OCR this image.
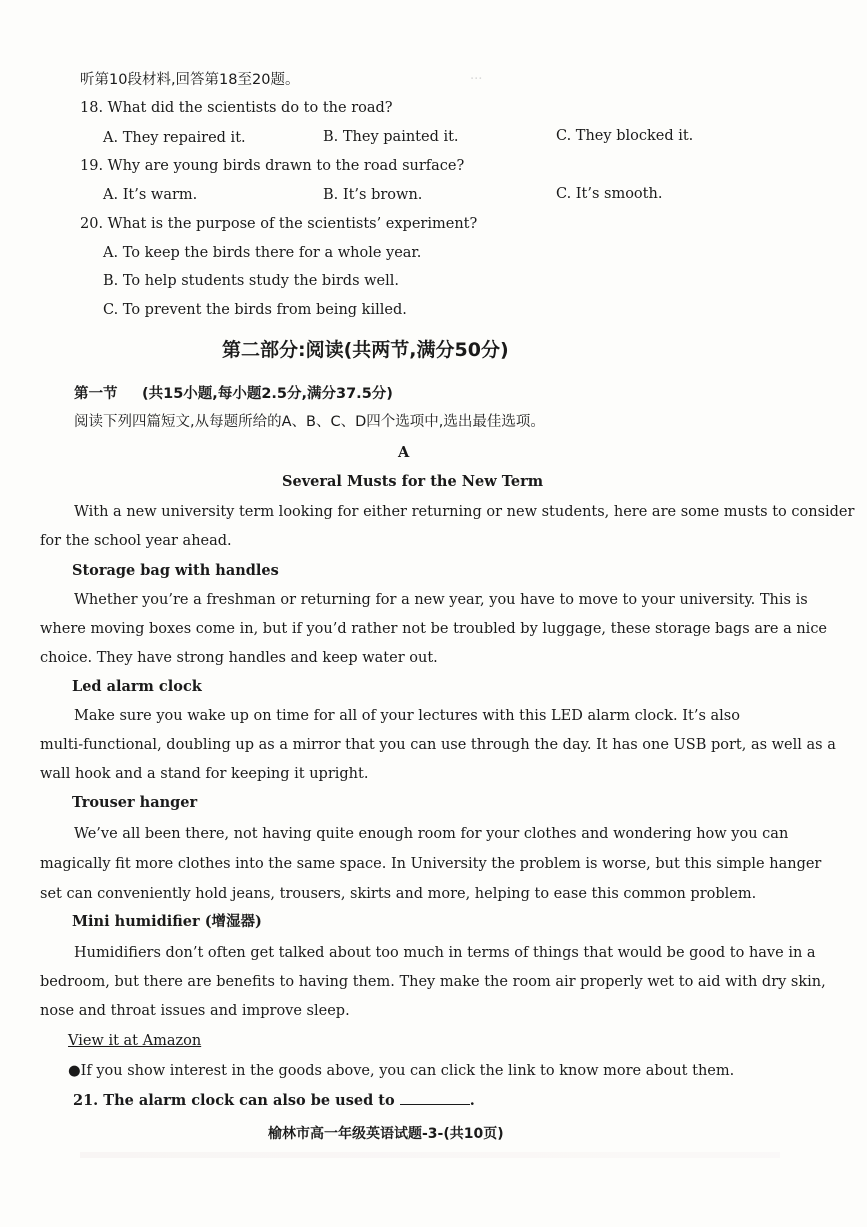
...
听第10段材料,回答第18至20题。
18. What did the scientists do to the road?
A. They repaired it.	B. They painted it.	C. They blocked it.
19. Why are young birds drawn to the road surface?
A. It’s warm.	B. It’s brown.	C. It’s smooth.
20. What is the purpose of the scientists’ experiment?
A. To keep the birds there for a whole year.
B. To help students study the birds well.
C. To prevent the birds from being killed.
第二部分:阅读(共两节,满分50分)
第一节 (共15小题,每小题2.5分,满分37.5分)
阅读下列四篇短文,从每题所给的A、B、C、D四个选项中,选出最佳选项。
A
Several Musts for the New Term
With a new university term looking for either returning or new students, here are some musts to consider
for the school year ahead.
Storage bag with handles
Whether you’re a freshman or returning for a new year, you have to move to your university. This is
where moving boxes come in, but if you’d rather not be troubled by luggage, these storage bags are a nice
choice. They have strong handles and keep water out.
Led alarm clock
Make sure you wake up on time for all of your lectures with this LED alarm clock. It’s also
multi-functional, doubling up as a mirror that you can use through the day. It has one USB port, as well as a
wall hook and a stand for keeping it upright.
Trouser hanger
We’ve all been there, not having quite enough room for your clothes and wondering how you can
magically fit more clothes into the same space. In University the problem is worse, but this simple hanger
set can conveniently hold jeans, trousers, skirts and more, helping to ease this common problem.
Mini humidifier (增湿器)
Humidifiers don’t often get talked about too much in terms of things that would be good to have in a
bedroom, but there are benefits to having them. They make the room air properly wet to aid with dry skin,
nose and throat issues and improve sleep.
View it at Amazon
●If you show interest in the goods above, you can click the link to know more about them.
21. The alarm clock can also be used to	.
榆林市高一年级英语试题-3-(共10页)
